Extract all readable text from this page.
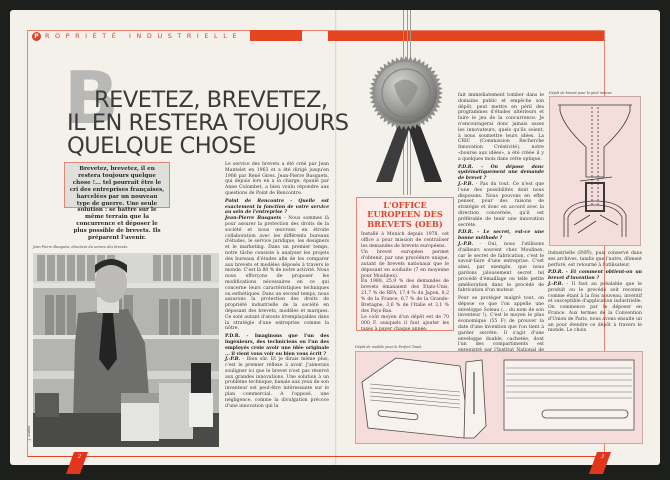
P ROPRIÉTÉ INDUSTRIELLE
B
REVETEZ, BREVETEZ,
IL EN RESTERA TOUJOURS
QUELQUE CHOSE
Brevetez, brevetez, il en restera toujours quelque chose !... tel pourrait être le cri des entreprises françaises, harcelées par un nouveau type de guerre. Une seule solution : se battre sur le même terrain que la concurrence et déposer le plus possible de brevets. Ils préparent l'avenir.
Jean-Pierre Busquets, directeur du service des brevets.
J. Audiot

Le service des brevets a été créé par Jean Mantelet en 1963 et a été dirigé jusqu'en 1986 par René Gires. Jean-Pierre Busquets, qui depuis lors en a la charge, épaulé par Anne Colombet, a bien voulu répondre aux questions de Point de Rencontre.

Point de Rencontre - Quelle est exactement la fonction de votre service au sein de l'entreprise ?
Jean-Pierre Busquets - Nous sommes là pour assurer la protection des droits de la société et nous œuvrons en étroite collaboration avec les différents bureaux d'études, le service juridique, les designers et le marketing. Dans un premier temps, notre tâche consiste à analyser les projets des bureaux d'études afin de les comparer aux brevets et modèles déposés à travers le monde. C'est là 80 % de notre activité. Nous nous efforçons de proposer les modifications nécessaires en ce qui concerne leurs caractéristiques techniques ou esthétiques. Dans un second temps, nous assurons la protection des droits de propriété industrielle de la société en déposant des brevets, modèles et marques. Ce sont autant d'atouts irremplaçables dans la stratégie d'une entreprise comme la nôtre.

P.D.R. - Imaginons que l'un des ingénieurs, des techniciens ou l'un des employés croie avoir une idée originale ... il vient vous voir ou bien vous écrit ?
J.-P.B. - Bien sûr. Et je dirais même plus, c'est le premier réflexe à avoir. J'aimerais souligner ici que le brevet n'est pas réservé aux grandes innovations. Une solution à un problème technique, banale aux yeux de son inventeur est peut-être intéressante sur le plan commercial. A l'opposé, une négligence, comme la divulgation précoce d'une innovation qui la

L'OFFICE EUROPEEN DES BREVETS (OEB)

Installé à Munich depuis 1978, cet office a pour mission de centraliser les demandes de brevets européens.

Un brevet européen permet d'obtenir, par une procédure unique, autant de brevets nationaux que le déposant en souhaite (7 en moyenne pour Moulinex).

En 1988, 25,9 % des demandes de brevets émanaient des Etats-Unis, 21,7 % de RFA, 17,4 % du Japon, 8,2 % de la France, 6,7 % de la Grande-Bretagne, 3,6 % de l'Italie et 3,1 % des Pays-Bas.

Le coût moyen d'un dépôt est de 70 000 F, auxquels il faut ajouter les taxes à payer chaque année.

fait immédiatement tomber dans le domaine public et empêche son dépôt, peut mettre en péril des programmes d'études ultérieurs et faire le jeu de la concurrence. Je n'encouragerai donc jamais assez les innovateurs, quels qu'ils soient, à nous soumettre leurs idées. La CRIC (Commission Recherche Innovation Créativité), notre «bourse aux idées», a été créée il y a quelques mois dans cette optique.

P.D.R. - On dépose donc systématiquement une demande de brevet ?
J.-P.B. - Pas du tout. Ce n'est que l'une des possibilités dont nous disposons. Nous pouvons en effet penser, pour des raisons de stratégie et donc en accord avec la direction concernée, qu'il est préférable de tenir une innovation secrète.

P.D.R. - Le secret, est-ce une bonne méthode ?
J.-P.B. - Oui, nous l'utilisons d'ailleurs souvent chez Moulinex, car le secret de fabrication, c'est le savoir-faire d'une entreprise. C'est ainsi, par exemple, que nous gardons jalousement secret tel procédé d'émaillage ou telle petite amélioration dans le procédé de fabrication d'un moteur.

Pour se protéger malgré tout, on dépose ce que l'on appelle une enveloppe Soleau (... du nom de son inventeur !). C'est le moyen le plus économique (55 F) de prouver la date d'une invention que l'on tient à garder secrète. Il s'agit d'une enveloppe double, cachetée, dont l'un des compartiments est

Dépôt de brevet pour le pied mixeur.

Industrielle (INPI), puis conservé dans ses archives, tandis que l'autre, dûment perforé, est retourné à l'utilisateur.

P.D.R. - Et comment obtient-on un brevet d'invention ?
J.-P.B. - Il faut au préalable que le produit ou le procédé soit reconnu comme étant à la fois nouveau, inventif et susceptible d'application industrielle. On commence par le déposer en France. Aux termes de la Convention d'Union de Paris, nous avons ensuite un an pour étendre ce dépôt à travers le monde. Le choix

Dépôt de modèle pour le Perfect Toast.
2	3
